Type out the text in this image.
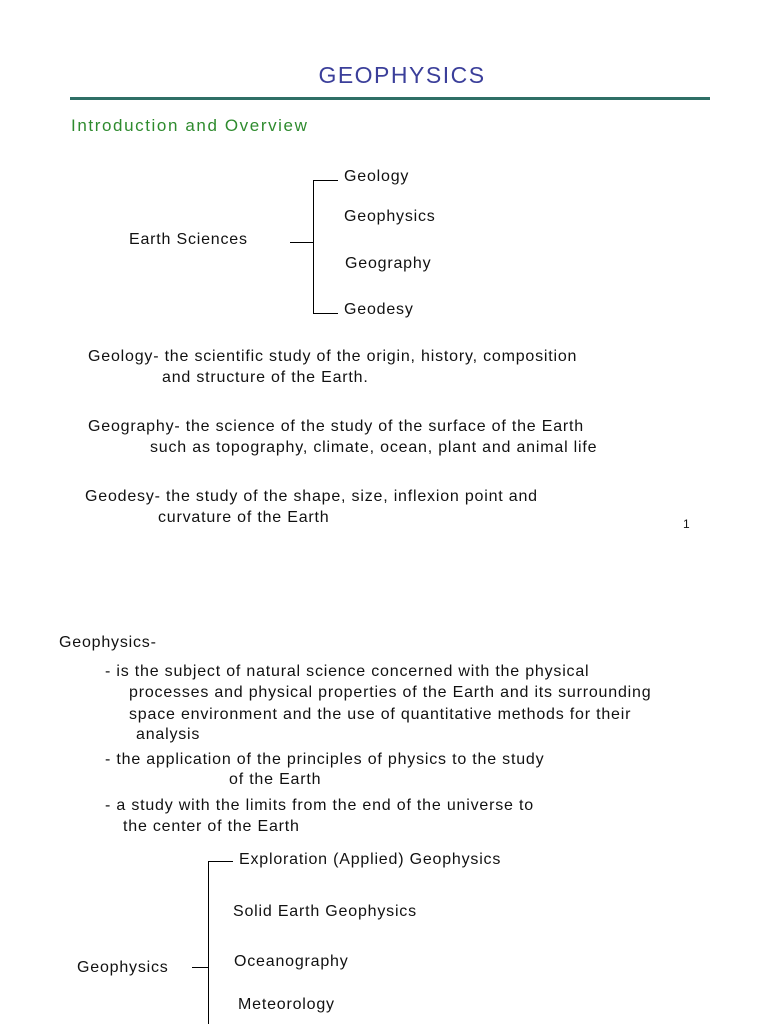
GEOPHYSICS
Introduction and Overview
Earth Sciences
Geology
Geophysics
Geography
Geodesy
Geology- the scientific study of the origin, history, composition
and structure of the Earth.
Geography- the science of the study of the surface of the Earth
such as topography, climate, ocean, plant and animal life
Geodesy- the study of the shape, size, inflexion point and
curvature of the Earth	1
Geophysics-
- is the subject of natural science concerned with the physical
processes and physical properties of the Earth and its surrounding
space environment and the use of quantitative methods for their
analysis
- the application of the principles of physics to the study
of the Earth
- a study with the limits from the end of the universe to
the center of the Earth
Geophysics
Exploration (Applied) Geophysics
Solid Earth Geophysics
Oceanography
Meteorology
